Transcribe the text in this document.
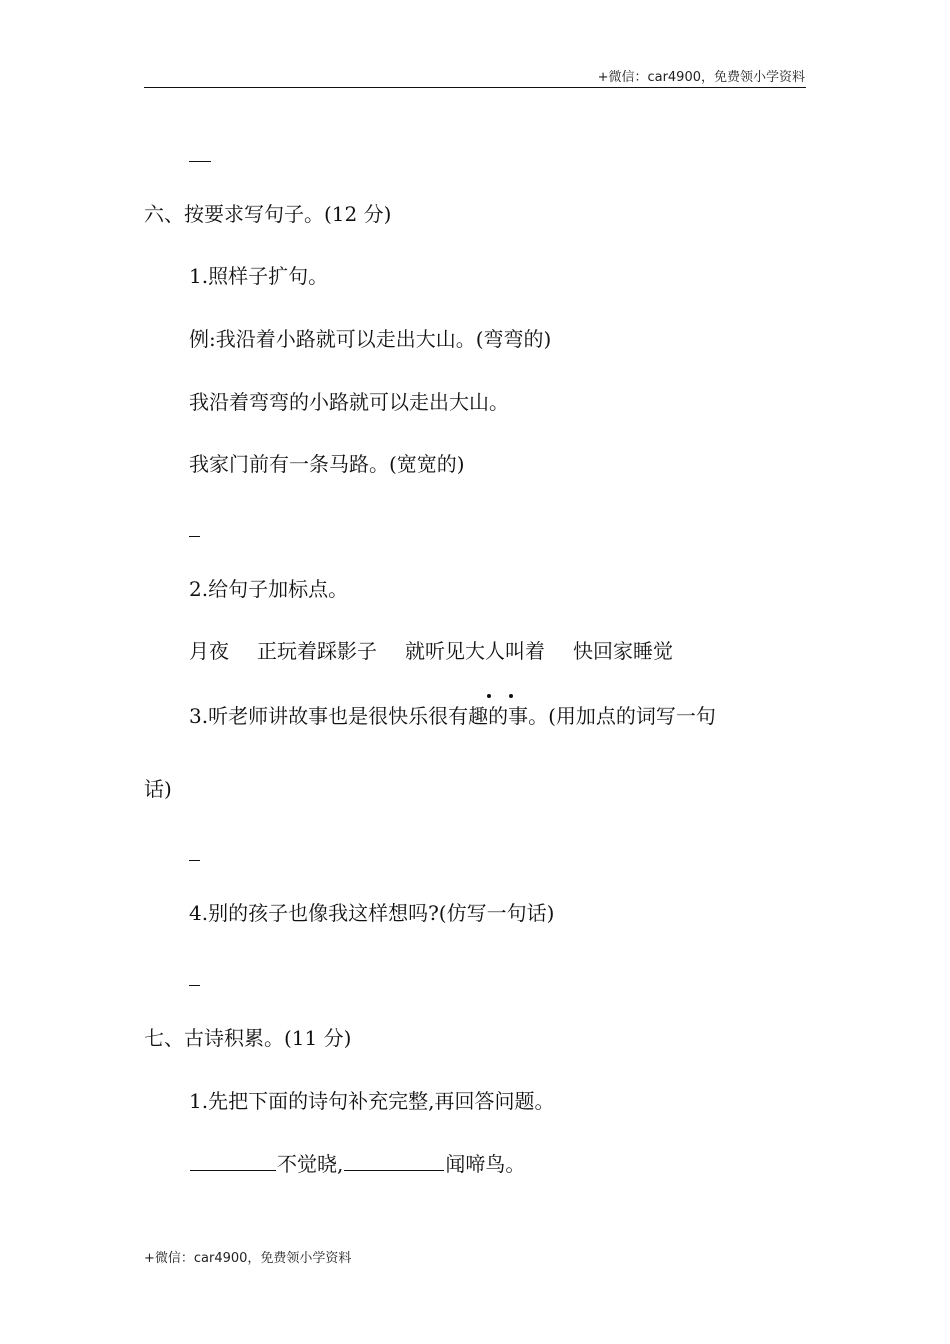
+微信：car4900，免费领小学资料
六、按要求写句子。(12 分)
1.照样子扩句。
例:我沿着小路就可以走出大山。(弯弯的)
我沿着弯弯的小路就可以走出大山。
我家门前有一条马路。(宽宽的)
2.给句子加标点。
月夜 正玩着踩影子 就听见大人叫着 快回家睡觉
3.听老师讲故事也是很快乐很有趣的事。(用加点的词写一句
话)
4.别的孩子也像我这样想吗?(仿写一句话)
七、古诗积累。(11 分)
1.先把下面的诗句补充完整,再回答问题。
不觉晓,	闻啼鸟。
+微信：car4900，免费领小学资料
